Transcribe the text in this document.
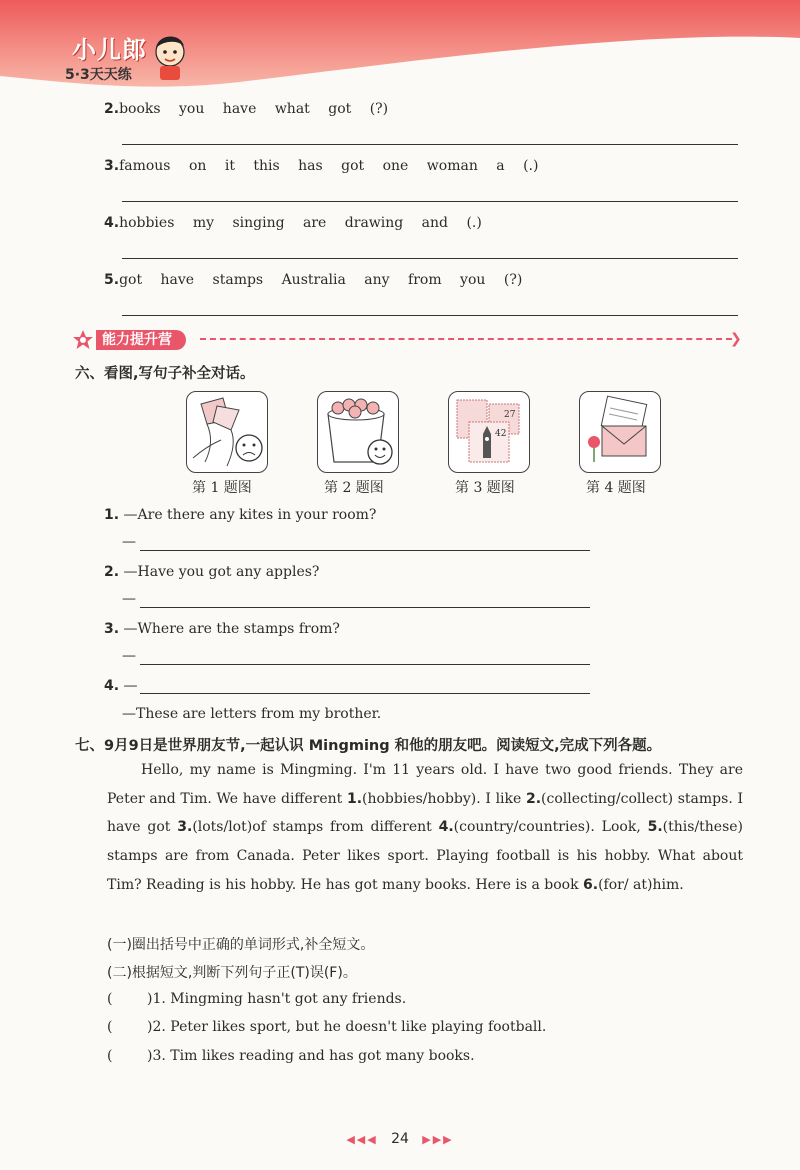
小儿郎
5·3天天练
2.books you have what got (?)
3.famous on it this has got one woman a (.)
4.hobbies my singing are drawing and (.)
5.got have stamps Australia any from you (?)
能力提升营	❯
六、看图,写句子补全对话。
27
42
第 1 题图	第 2 题图	第 3 题图	第 4 题图
1. —Are there any kites in your room?
—
2. —Have you got any apples?
—
3. —Where are the stamps from?
—
4. —
—These are letters from my brother.
七、9月9日是世界朋友节,一起认识 Mingming 和他的朋友吧。阅读短文,完成下列各题。
Hello, my name is Mingming. I'm 11 years old. I have two good friends. They are Peter and Tim. We have different 1.(hobbies/hobby). I like 2.(collecting/collect) stamps. I have got 3.(lots/lot)of stamps from different 4.(country/countries). Look, 5.(this/these) stamps are from Canada. Peter likes sport. Playing football is his hobby. What about Tim? Reading is his hobby. He has got many books. Here is a book 6.(for/ at)him.
(一)圈出括号中正确的单词形式,补全短文。
(二)根据短文,判断下列句子正(T)误(F)。
( )1. Mingming hasn't got any friends.
( )2. Peter likes sport, but he doesn't like playing football.
( )3. Tim likes reading and has got many books.
◀◀◀ 24 ▶▶▶
